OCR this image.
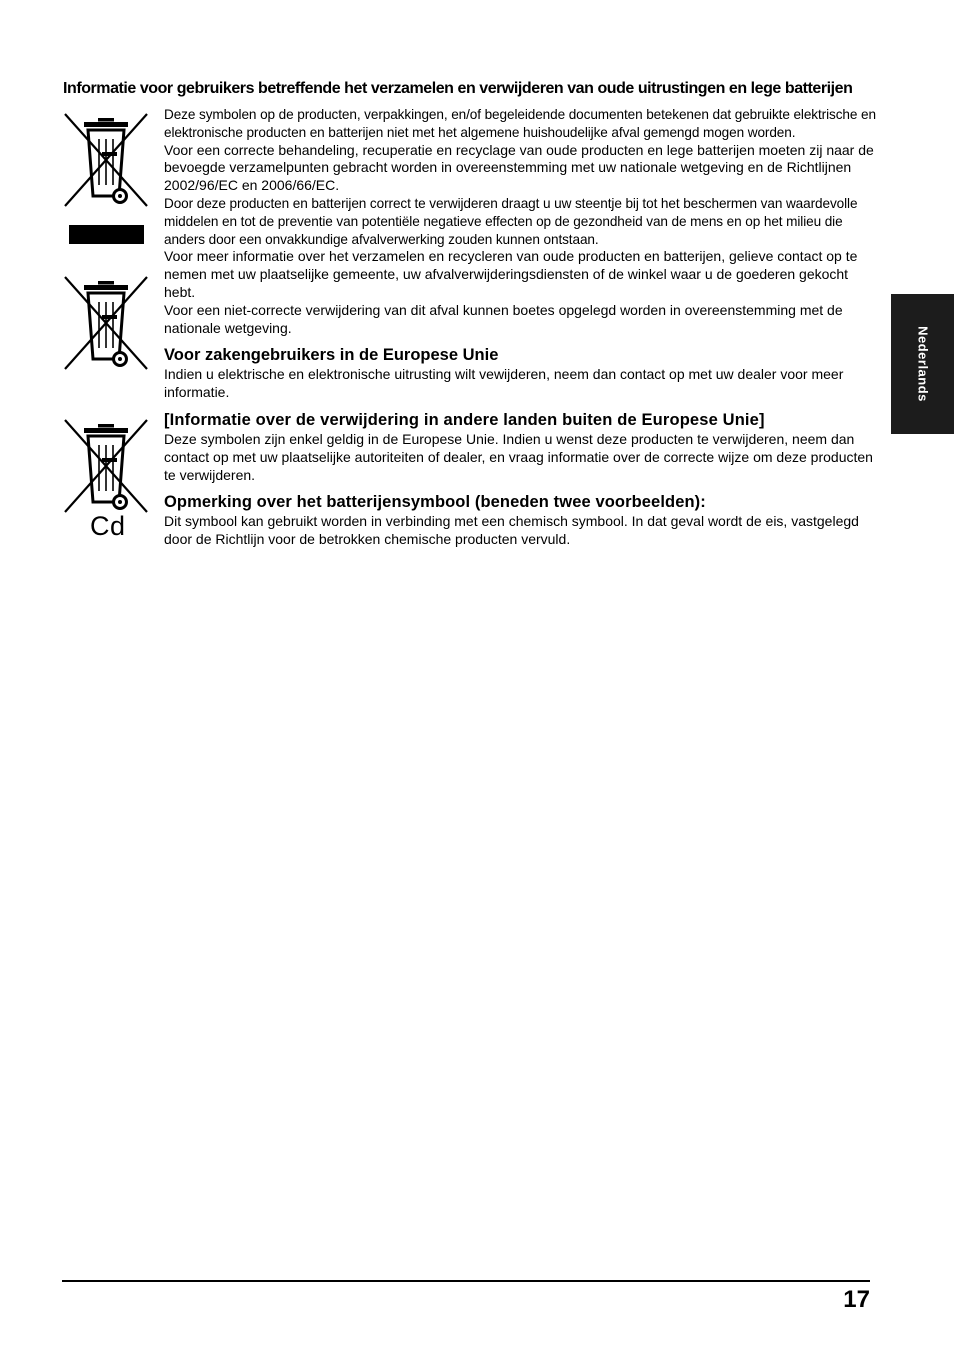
Informatie voor gebruikers betreffende het verzamelen en verwijderen van oude uitrustingen en lege batterijen
Cd

Deze symbolen op de producten, verpakkingen, en/of begeleidende documenten betekenen dat gebruikte elektrische en elektronische producten en batterijen niet met het algemene huishoudelijke afval gemengd mogen worden.

Voor een correcte behandeling, recuperatie en recyclage van oude producten en lege batterijen moeten zij naar de bevoegde verzamelpunten gebracht worden in overeenstemming met uw nationale wetgeving en de Richtlijnen 2002/96/EC en 2006/66/EC.

Door deze producten en batterijen correct te verwijderen draagt u uw steentje bij tot het beschermen van waardevolle middelen en tot de preventie van potentiële negatieve effecten op de gezondheid van de mens en op het milieu die anders door een onvakkundige afvalverwerking zouden kunnen ontstaan.

Voor meer informatie over het verzamelen en recycleren van oude producten en batterijen, gelieve contact op te nemen met uw plaatselijke gemeente, uw afvalverwijderingsdiensten of de winkel waar u de goederen gekocht hebt.

Voor een niet-correcte verwijdering van dit afval kunnen boetes opgelegd worden in overeenstemming met de nationale wetgeving.

Voor zakengebruikers in de Europese Unie

Indien u elektrische en elektronische uitrusting wilt vewijderen, neem dan contact op met uw dealer voor meer informatie.

[Informatie over de verwijdering in andere landen buiten de Europese Unie]

Deze symbolen zijn enkel geldig in de Europese Unie. Indien u wenst deze producten te verwijderen, neem dan contact op met uw plaatselijke autoriteiten of dealer, en vraag informatie over de correcte wijze om deze producten te verwijderen.

Opmerking over het batterijensymbool (beneden twee voorbeelden):

Dit symbool kan gebruikt worden in verbinding met een chemisch symbool. In dat geval wordt de eis, vastgelegd door de Richtlijn voor de betrokken chemische producten vervuld.

Nederlands
17
